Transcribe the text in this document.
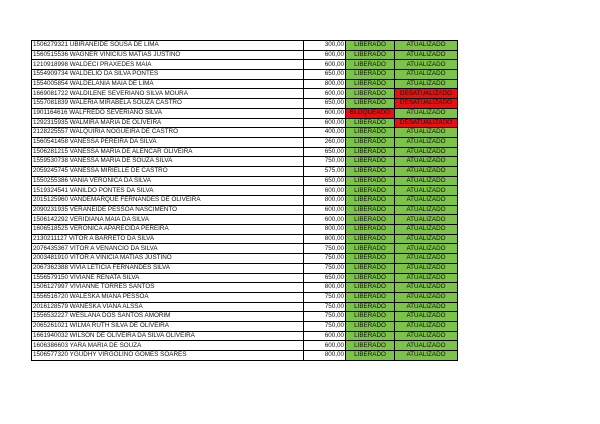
1506279321 UBIRANEIDE SOUSA DE LIMA	300,00	LIBERADO	ATUALIZADO
1560515536 WAGNER VINICIUS MATIAS JUSTINO	600,00	LIBERADO	ATUALIZADO
1210918998 WALDECI PRAXEDES MAIA	600,00	LIBERADO	ATUALIZADO
1554909734 WALDELIO DA SILVA PONTES	650,00	LIBERADO	ATUALIZADO
1554005854 WALDELANIA MAIA DE LIMA	800,00	LIBERADO	ATUALIZADO
1669081722 WALDILENE SEVERIANO SILVA MOURA	600,00	LIBERADO	DESATUALIZADO
1557081839 WALERIA MIRABELA SOUZA CASTRO	650,00	LIBERADO	DESATUALIZADO
1901164616 WALFREDO SEVERIANO SILVA	600,00	BLOQUEADO	ATUALIZADO
1292315935 WALMIRA MARIA DE OLIVEIRA	600,00	LIBERADO	DESATUALIZADO
2128225557 WALQUIRIA NOGUEIRA DE CASTRO	400,00	LIBERADO	ATUALIZADO
1560541458 VANESSA PEREIRA DA SILVA	260,00	LIBERADO	ATUALIZADO
1506281215 VANESSA MARIA DE ALENCAR OLIVEIRA	650,00	LIBERADO	ATUALIZADO
1559530738 VANESSA MARIA DE SOUZA SILVA	750,00	LIBERADO	ATUALIZADO
2059245745 VANESSA MIRIELLE DE CASTRO	575,00	LIBERADO	ATUALIZADO
1550255386 VANIA VERONICA DA SILVA	650,00	LIBERADO	ATUALIZADO
1519324541 VANILDO PONTES DA SILVA	600,00	LIBERADO	ATUALIZADO
2015125960 VANDEMARQUE FERNANDES DE OLIVEIRA	800,00	LIBERADO	ATUALIZADO
2090231935 VERANEIDE PESSOA NASCIMENTO	600,00	LIBERADO	ATUALIZADO
1506142292 VERIDIANA MAIA DA SILVA	600,00	LIBERADO	ATUALIZADO
1606518525 VERONICA APARECIDA PEREIRA	800,00	LIBERADO	ATUALIZADO
2130211127 VITOR A BARRETO DA SILVA	800,00	LIBERADO	ATUALIZADO
2076435367 VITOR A VENANCIO DA SILVA	750,00	LIBERADO	ATUALIZADO
2003481910 VITOR A VINICIA MATIAS JUSTINO	750,00	LIBERADO	ATUALIZADO
2067362388 VIVIA LETICIA FERNANDES SILVA	750,00	LIBERADO	ATUALIZADO
1556579150 VIVIANE RENATA SILVA	650,00	LIBERADO	ATUALIZADO
1506127997 VIVIANNE TORRES SANTOS	800,00	LIBERADO	ATUALIZADO
1556516720 WALESKA MIANA PESSOA	750,00	LIBERADO	ATUALIZADO
2016128579 WANESKA VIANA ALSSA	750,00	LIBERADO	ATUALIZADO
1556532227 WESLANA DOS SANTOS AMORIM	750,00	LIBERADO	ATUALIZADO
2065261021 WILMA RUTH SILVA DE OLIVEIRA	750,00	LIBERADO	ATUALIZADO
1661940032 WILSON DE OLIVEIRA DA SILVA OLIVEIRA	600,00	LIBERADO	ATUALIZADO
1606386603 YARA MARIA DE SOUZA	600,00	LIBERADO	ATUALIZADO
1506577320 YGUDHY VIRGOLINO GOMES SOARES	800,00	LIBERADO	ATUALIZADO
